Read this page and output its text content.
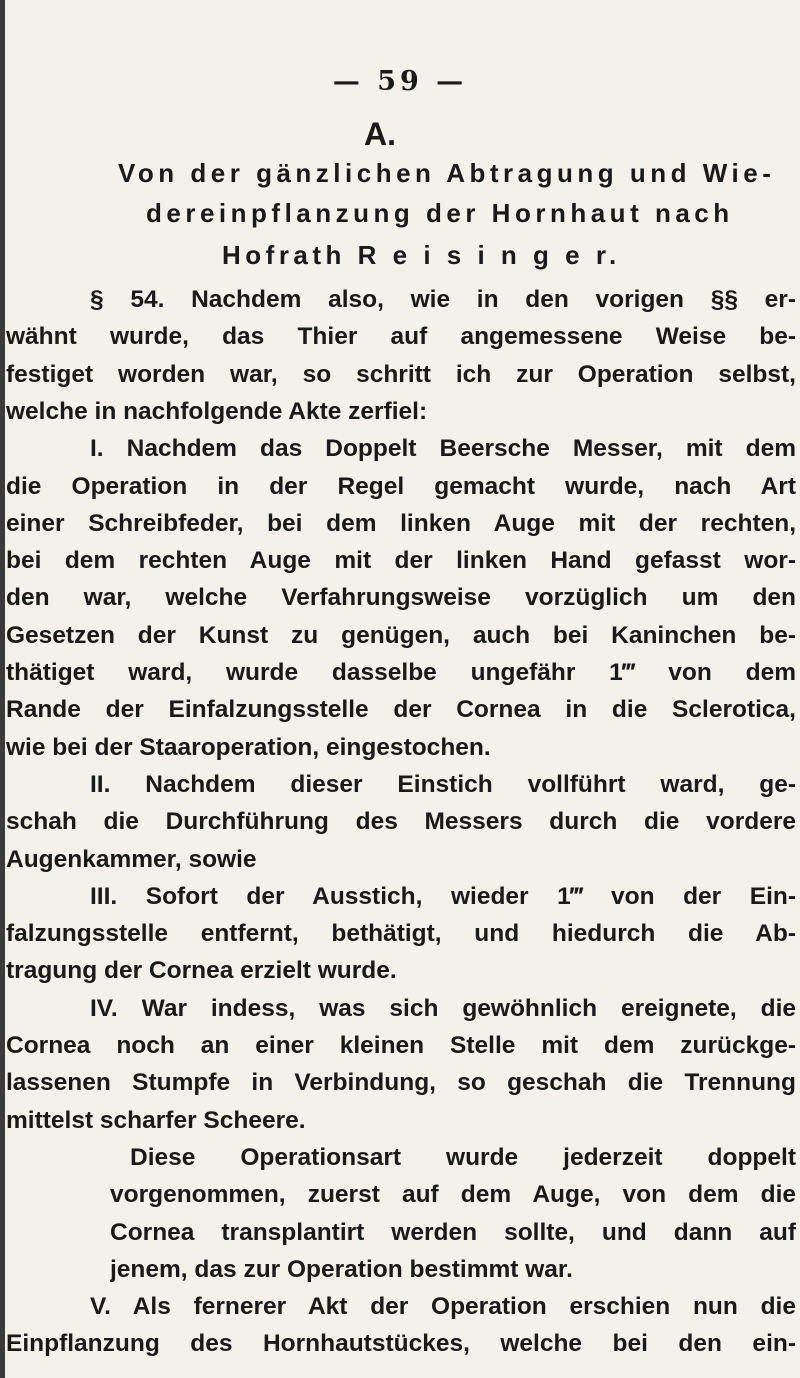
— 59 —
A.
Von der gänzlichen Abtragung und Wie-
dereinpflanzung der Hornhaut nach
Hofrath R e i s i n g e r.
§ 54. Nachdem also, wie in den vorigen §§ er-
wähnt wurde, das Thier auf angemessene Weise be-
festiget worden war, so schritt ich zur Operation selbst,
welche in nachfolgende Akte zerfiel:
I. Nachdem das Doppelt Beersche Messer, mit dem
die Operation in der Regel gemacht wurde, nach Art
einer Schreibfeder, bei dem linken Auge mit der rechten,
bei dem rechten Auge mit der linken Hand gefasst wor-
den war, welche Verfahrungsweise vorzüglich um den
Gesetzen der Kunst zu genügen, auch bei Kaninchen be-
thätiget ward, wurde dasselbe ungefähr 1‴ von dem
Rande der Einfalzungsstelle der Cornea in die Sclerotica,
wie bei der Staaroperation, eingestochen.
II. Nachdem dieser Einstich vollführt ward, ge-
schah die Durchführung des Messers durch die vordere
Augenkammer, sowie
III. Sofort der Ausstich, wieder 1‴ von der Ein-
falzungsstelle entfernt, bethätigt, und hiedurch die Ab-
tragung der Cornea erzielt wurde.
IV. War indess, was sich gewöhnlich ereignete, die
Cornea noch an einer kleinen Stelle mit dem zurückge-
lassenen Stumpfe in Verbindung, so geschah die Trennung
mittelst scharfer Scheere.
Diese Operationsart wurde jederzeit doppelt
vorgenommen, zuerst auf dem Auge, von dem die
Cornea transplantirt werden sollte, und dann auf
jenem, das zur Operation bestimmt war.
V. Als fernerer Akt der Operation erschien nun die
Einpflanzung des Hornhautstückes, welche bei den ein-
